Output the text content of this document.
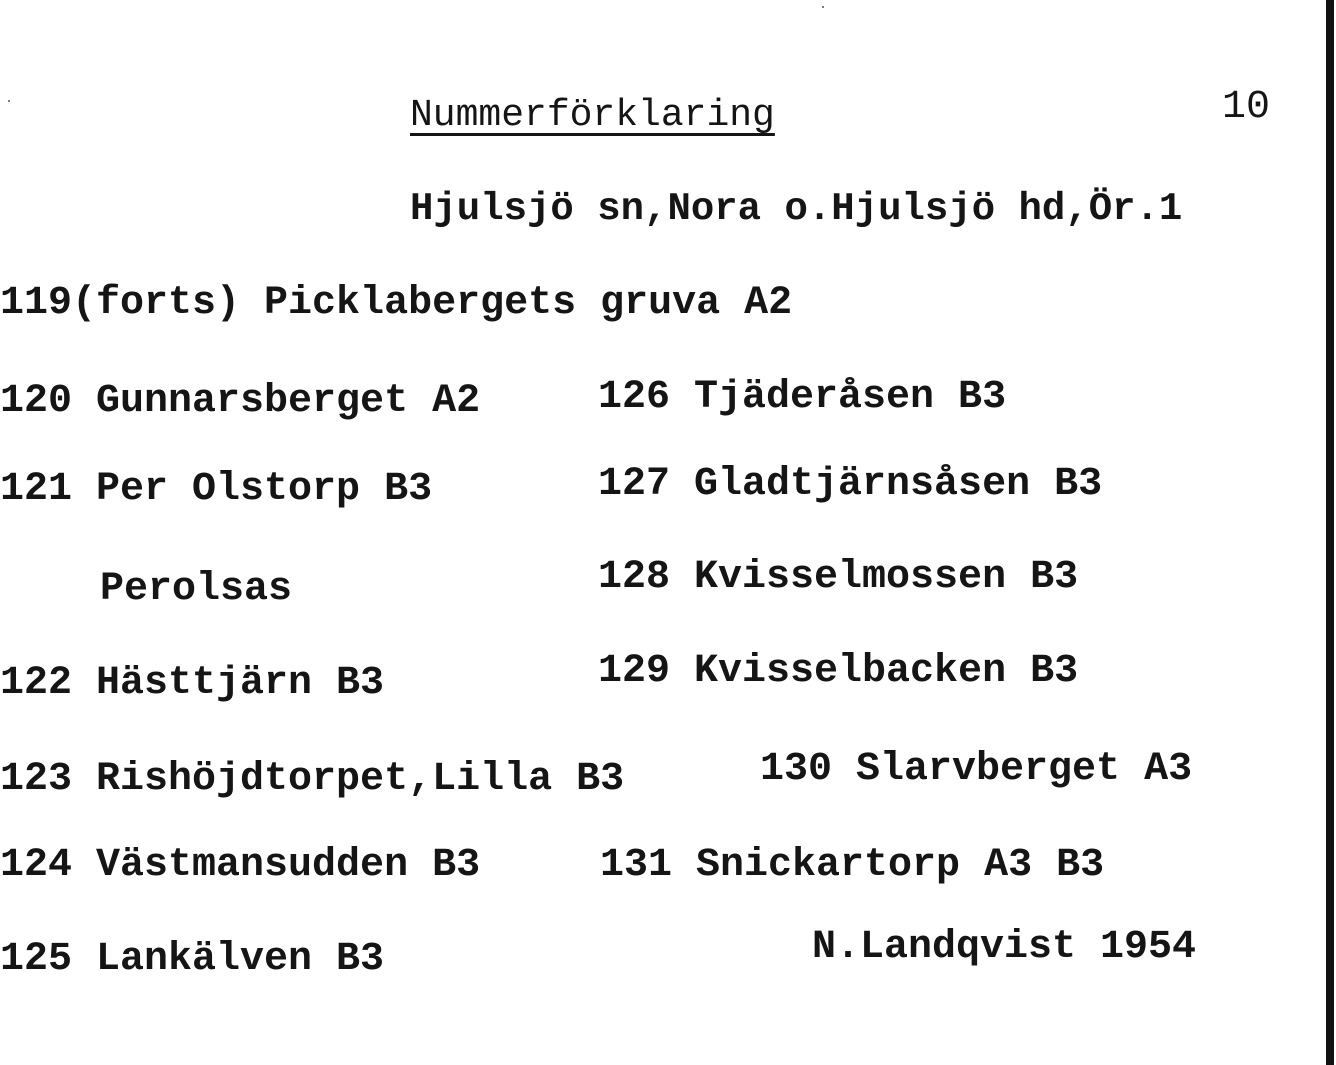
Nummerförklaring	10
Hjulsjö sn,Nora o.Hjulsjö hd,Ör.1
119(forts) Picklabergets gruva A2
120 Gunnarsberget A2
121 Per Olstorp B3
Perolsas
122 Hästtjärn B3
123 Rishöjdtorpet,Lilla B3
124 Västmansudden B3
125 Lankälven B3
126 Tjäderåsen B3
127 Gladtjärnsåsen B3
128 Kvisselmossen B3
129 Kvisselbacken B3
130 Slarvberget A3
131 Snickartorp A3 B3
N.Landqvist 1954
